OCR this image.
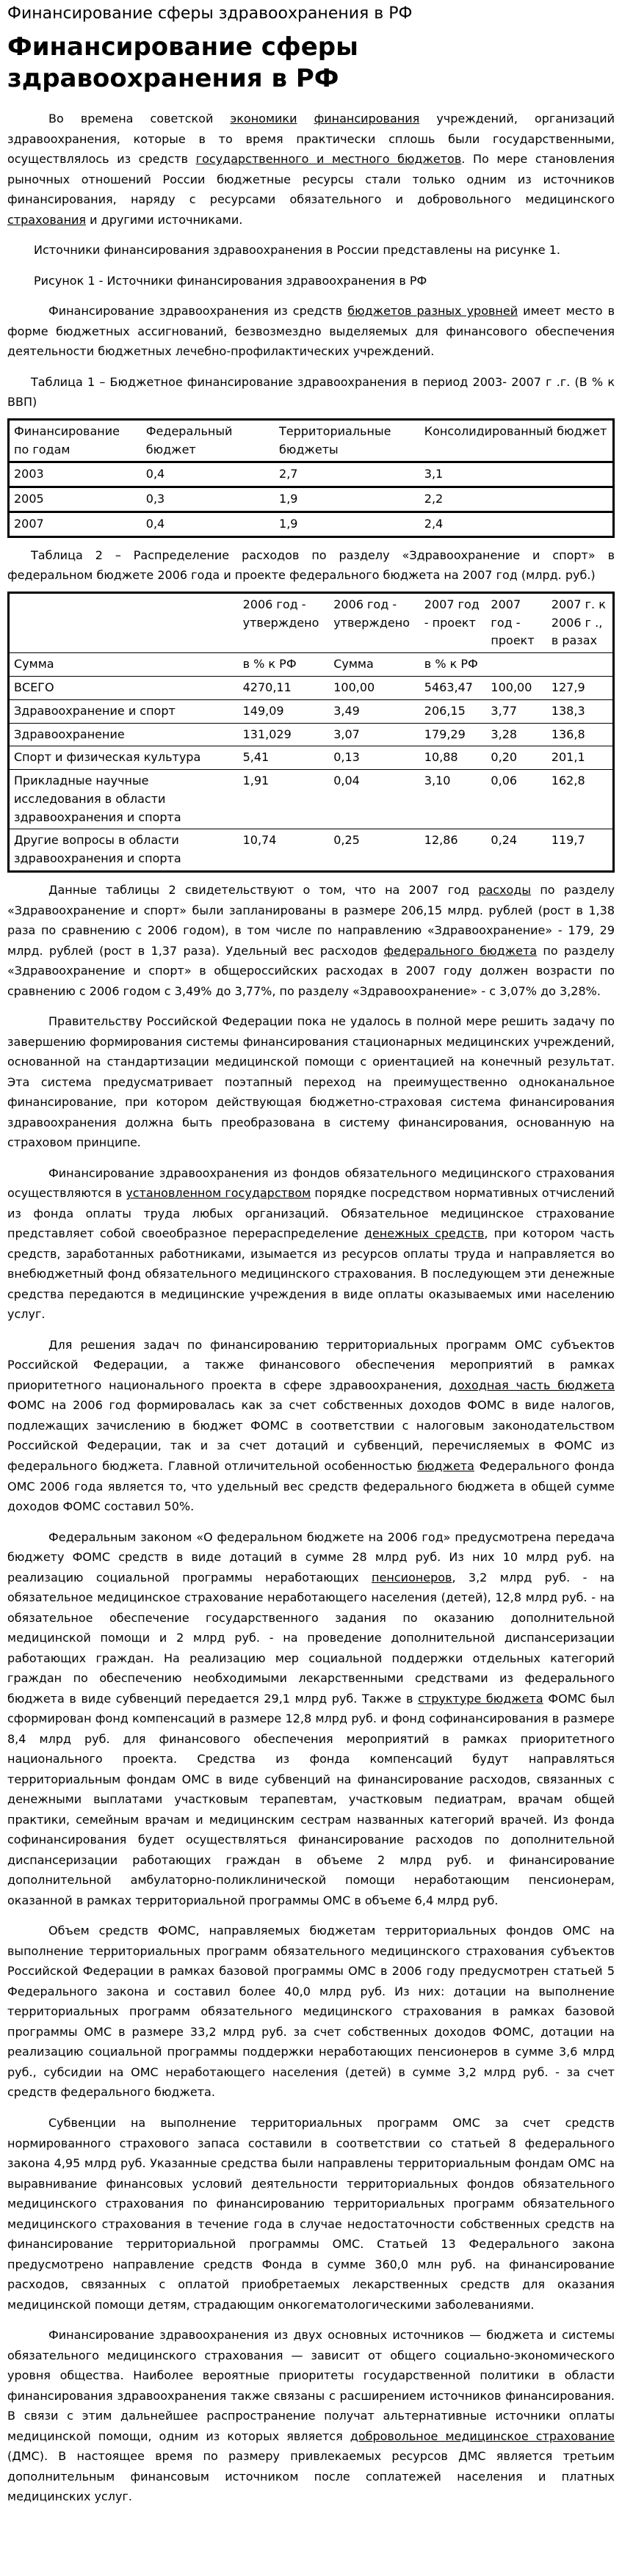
Финансирование сферы здравоохранения в РФ
Финансирование сферы здравоохранения в РФ

Во времена советской экономики финансирования учреждений, организаций здравоохранения, которые в то время практически сплошь были государственными, осуществлялось из средств государственного и местного бюджетов. По мере становления рыночных отношений России бюджетные ресурсы стали только одним из источников финансирования, наряду с ресурсами обязательного и добровольного медицинского страхования и другими источниками.

Источники финансирования здравоохранения в России представлены на рисунке 1.

Рисунок 1 - Источники финансирования здравоохранения в РФ

Финансирование здравоохранения из средств бюджетов разных уровней имеет место в форме бюджетных ассигнований, безвозмездно выделяемых для финансового обеспечения деятельности бюджетных лечебно-профилактических учреждений.

Таблица 1 – Бюджетное финансирование здравоохранения в период 2003- 2007 г .г. (В % к ВВП)

Финансирование по годам	Федеральный бюджет	Территориальные бюджеты	Консолидированный бюджет
2003	0,4	2,7	3,1
2005	0,3	1,9	2,2
2007	0,4	1,9	2,4

Таблица 2 – Распределение расходов по разделу «Здравоохранение и спорт» в федеральном бюджете 2006 года и проекте федерального бюджета на 2007 год (млрд. руб.)

	2006 год - утверждено	2006 год - утверждено	2007 год - проект	2007 год - проект	2007 г. к 2006 г ., в разах
Сумма	в % к РФ	Сумма	в % к РФ		
ВСЕГО	4270,11	100,00	5463,47	100,00	127,9
Здравоохранение и спорт	149,09	3,49	206,15	3,77	138,3
Здравоохранение	131,029	3,07	179,29	3,28	136,8
Спорт и физическая культура	5,41	0,13	10,88	0,20	201,1
Прикладные научные исследования в области здравоохранения и спорта	1,91	0,04	3,10	0,06	162,8
Другие вопросы в области здравоохранения и спорта	10,74	0,25	12,86	0,24	119,7

Данные таблицы 2 свидетельствуют о том, что на 2007 год расходы по разделу «Здравоохранение и спорт» были запланированы в размере 206,15 млрд. рублей (рост в 1,38 раза по сравнению с 2006 годом), в том числе по направлению «Здравоохранение» - 179, 29 млрд. рублей (рост в 1,37 раза). Удельный вес расходов федерального бюджета по разделу «Здравоохранение и спорт» в общероссийских расходах в 2007 году должен возрасти по сравнению с 2006 годом с 3,49% до 3,77%, по разделу «Здравоохранение» - с 3,07% до 3,28%.

Правительству Российской Федерации пока не удалось в полной мере решить задачу по завершению формирования системы финансирования стационарных медицинских учреждений, основанной на стандартизации медицинской помощи с ориентацией на конечный результат. Эта система предусматривает поэтапный переход на преимущественно одноканальное финансирование, при котором действующая бюджетно-страховая система финансирования здравоохранения должна быть преобразована в систему финансирования, основанную на страховом принципе.

Финансирование здравоохранения из фондов обязательного медицинского страхования осуществляются в установленном государством порядке посредством нормативных отчислений из фонда оплаты труда любых организаций. Обязательное медицинское страхование представляет собой своеобразное перераспределение денежных средств, при котором часть средств, заработанных работниками, изымается из ресурсов оплаты труда и направляется во внебюджетный фонд обязательного медицинского страхования. В последующем эти денежные средства передаются в медицинские учреждения в виде оплаты оказываемых ими населению услуг.

Для решения задач по финансированию территориальных программ ОМС субъектов Российской Федерации, а также финансового обеспечения мероприятий в рамках приоритетного национального проекта в сфере здравоохранения, доходная часть бюджета ФОМС на 2006 год формировалась как за счет собственных доходов ФОМС в виде налогов, подлежащих зачислению в бюджет ФОМС в соответствии с налоговым законодательством Российской Федерации, так и за счет дотаций и субвенций, перечисляемых в ФОМС из федерального бюджета. Главной отличительной особенностью бюджета Федерального фонда ОМС 2006 года является то, что удельный вес средств федерального бюджета в общей сумме доходов ФОМС составил 50%.

Федеральным законом «О федеральном бюджете на 2006 год» предусмотрена передача бюджету ФОМС средств в виде дотаций в сумме 28 млрд руб. Из них 10 млрд руб. на реализацию социальной программы неработающих пенсионеров, 3,2 млрд руб. - на обязательное медицинское страхование неработающего населения (детей), 12,8 млрд руб. - на обязательное обеспечение государственного задания по оказанию дополнительной медицинской помощи и 2 млрд руб. - на проведение дополнительной диспансеризации работающих граждан. На реализацию мер социальной поддержки отдельных категорий граждан по обеспечению необходимыми лекарственными средствами из федерального бюджета в виде субвенций передается 29,1 млрд руб. Также в структуре бюджета ФОМС был сформирован фонд компенсаций в размере 12,8 млрд руб. и фонд софинансирования в размере 8,4 млрд руб. для финансового обеспечения мероприятий в рамках приоритетного национального проекта. Средства из фонда компенсаций будут направляться территориальным фондам ОМС в виде субвенций на финансирование расходов, связанных с денежными выплатами участковым терапевтам, участковым педиатрам, врачам общей практики, семейным врачам и медицинским сестрам названных категорий врачей. Из фонда софинансирования будет осуществляться финансирование расходов по дополнительной диспансеризации работающих граждан в объеме 2 млрд руб. и финансирование дополнительной амбулаторно-поликлинической помощи неработающим пенсионерам, оказанной в рамках территориальной программы ОМС в объеме 6,4 млрд руб.

Объем средств ФОМС, направляемых бюджетам территориальных фондов ОМС на выполнение территориальных программ обязательного медицинского страхования субъектов Российской Федерации в рамках базовой программы ОМС в 2006 году предусмотрен статьей 5 Федерального закона и составил более 40,0 млрд руб. Из них: дотации на выполнение территориальных программ обязательного медицинского страхования в рамках базовой программы ОМС в размере 33,2 млрд руб. за счет собственных доходов ФОМС, дотации на реализацию социальной программы поддержки неработающих пенсионеров в сумме 3,6 млрд руб., субсидии на ОМС неработающего населения (детей) в сумме 3,2 млрд руб. - за счет средств федерального бюджета.

Субвенции на выполнение территориальных программ ОМС за счет средств нормированного страхового запаса составили в соответствии со статьей 8 федерального закона 4,95 млрд руб. Указанные средства были направлены территориальным фондам ОМС на выравнивание финансовых условий деятельности территориальных фондов обязательного медицинского страхования по финансированию территориальных программ обязательного медицинского страхования в течение года в случае недостаточности собственных средств на финансирование территориальной программы ОМС. Статьей 13 Федерального закона предусмотрено направление средств Фонда в сумме 360,0 млн руб. на финансирование расходов, связанных с оплатой приобретаемых лекарственных средств для оказания медицинской помощи детям, страдающим онкогематологическими заболеваниями.

Финансирование здравоохранения из двух основных источников — бюджета и системы обязательного медицинского страхования — зависит от общего социально-экономического уровня общества. Наиболее вероятные приоритеты государственной политики в области финансирования здравоохранения также связаны с расширением источников финансирования. В связи с этим дальнейшее распространение получат альтернативные источники оплаты медицинской помощи, одним из которых является добровольное медицинское страхование (ДМС). В настоящее время по размеру привлекаемых ресурсов ДМС является третьим дополнительным финансовым источником после соплатежей населения и платных медицинских услуг.
